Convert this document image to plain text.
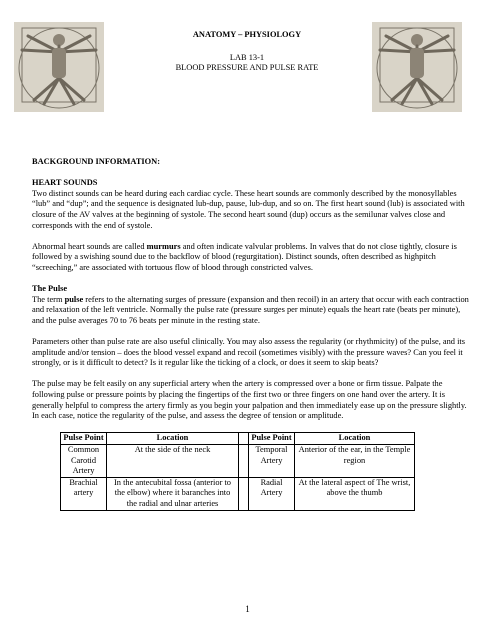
ANATOMY – PHYSIOLOGY
LAB 13-1
BLOOD PRESSURE AND PULSE RATE
BACKGROUND INFORMATION:
HEART SOUNDS

Two distinct sounds can be heard during each cardiac cycle. These heart sounds are commonly described by the monosyllables “lub” and “dup”; and the sequence is designated lub-dup, pause, lub-dup, and so on. The first heart sound (lub) is associated with closure of the AV valves at the beginning of systole. The second heart sound (dup) occurs as the semilunar valves close and corresponds with the end of systole.

Abnormal heart sounds are called murmurs and often indicate valvular problems. In valves that do not close tightly, closure is followed by a swishing sound due to the backflow of blood (regurgitation). Distinct sounds, often described as highpitch “screeching,” are associated with tortuous flow of blood through constricted valves.

The Pulse

The term pulse refers to the alternating surges of pressure (expansion and then recoil) in an artery that occur with each contraction and relaxation of the left ventricle. Normally the pulse rate (pressure surges per minute) equals the heart rate (beats per minute), and the pulse averages 70 to 76 beats per minute in the resting state.

Parameters other than pulse rate are also useful clinically. You may also assess the regularity (or rhythmicity) of the pulse, and its amplitude and/or tension – does the blood vessel expand and recoil (sometimes visibly) with the pressure waves? Can you feel it strongly, or is it difficult to detect? Is it regular like the ticking of a clock, or does it seem to skip beats?

The pulse may be felt easily on any superficial artery when the artery is compressed over a bone or firm tissue. Palpate the following pulse or pressure points by placing the fingertips of the first two or three fingers on one hand over the artery. It is generally helpful to compress the artery firmly as you begin your palpation and then immediately ease up on the pressure slightly. In each case, notice the regularity of the pulse, and assess the degree of tension or amplitude.

Pulse Point	Location		Pulse Point	Location
Common Carotid Artery	At the side of the neck		Temporal Artery	Anterior of the ear, in the Temple region
Brachial artery	In the antecubital fossa (anterior to the elbow) where it baranches into the radial and ulnar arteries		Radial Artery	At the lateral aspect of The wrist, above the thumb
1
